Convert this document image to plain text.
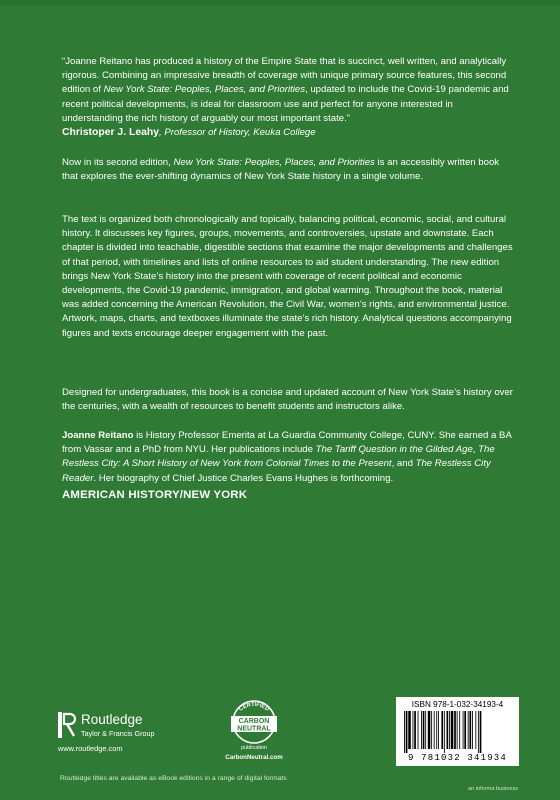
“Joanne Reitano has produced a history of the Empire State that is succinct, well written, and analytically rigorous. Combining an impressive breadth of coverage with unique primary source features, this second edition of New York State: Peoples, Places, and Priorities, updated to include the Covid-19 pandemic and recent political developments, is ideal for classroom use and perfect for anyone interested in understanding the rich history of arguably our most important state.”

Christoper J. Leahy, Professor of History, Keuka College

Now in its second edition, New York State: Peoples, Places, and Priorities is an accessibly written book that explores the ever-shifting dynamics of New York State history in a single volume.

The text is organized both chronologically and topically, balancing political, economic, social, and cultural history. It discusses key figures, groups, movements, and controversies, upstate and downstate. Each chapter is divided into teachable, digestible sections that examine the major developments and challenges of that period, with timelines and lists of online resources to aid student understanding. The new edition brings New York State’s history into the present with coverage of recent political and economic developments, the Covid-19 pandemic, immigration, and global warming. Throughout the book, material was added concerning the American Revolution, the Civil War, women’s rights, and environmental justice. Artwork, maps, charts, and textboxes illuminate the state’s rich history. Analytical questions accompanying figures and texts encourage deeper engagement with the past.

Designed for undergraduates, this book is a concise and updated account of New York State’s history over the centuries, with a wealth of resources to benefit students and instructors alike.

Joanne Reitano is History Professor Emerita at La Guardia Community College, CUNY. She earned a BA from Vassar and a PhD from NYU. Her publications include The Tariff Question in the Gilded Age, The Restless City: A Short History of New York from Colonial Times to the Present, and The Restless City Reader. Her biography of Chief Justice Charles Evans Hughes is forthcoming.

AMERICAN HISTORY/NEW YORK
Routledge
Taylor & Francis Group
www.routledge.com
Routledge titles are available as eBook editions in a range of digital formats
CERTIFIED
CARBON
NEUTRAL
publication
CarbonNeutral.com
ISBN 978-1-032-34193-4
9 781032 341934
an informa business
